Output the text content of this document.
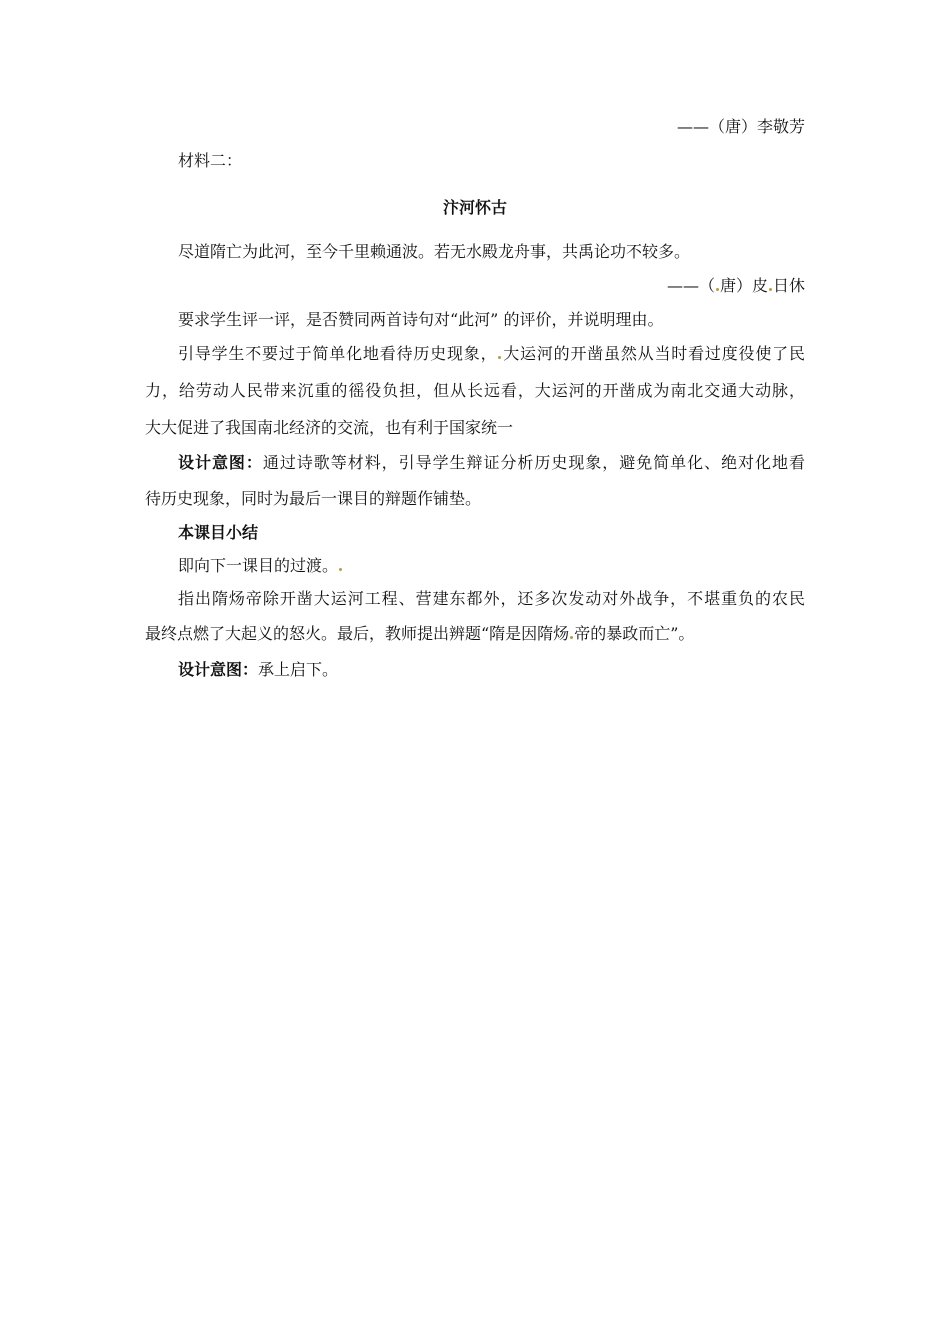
——（唐）李敬芳
材料二：
汴河怀古
尽道隋亡为此河，至今千里赖通波。若无水殿龙舟事，共禹论功不较多。
——（ 唐）皮 日休
要求学生评一评，是否赞同两首诗句对“此河” 的评价，并说明理由。
引导学生不要过于简单化地看待历史现象， 大运河的开凿虽然从当时看过度役使了民
力，给劳动人民带来沉重的徭役负担，但从长远看，大运河的开凿成为南北交通大动脉，
大大促进了我国南北经济的交流，也有利于国家统一
设计意图：通过诗歌等材料，引导学生辩证分析历史现象，避免简单化、绝对化地看
待历史现象，同时为最后一课目的辩题作铺垫。
本课目小结
即向下一课目的过渡。
指出隋炀帝除开凿大运河工程、营建东都外，还多次发动对外战争，不堪重负的农民
最终点燃了大起义的怒火。最后，教师提出辨题“隋是因隋炀 帝的暴政而亡”。
设计意图：承上启下。
